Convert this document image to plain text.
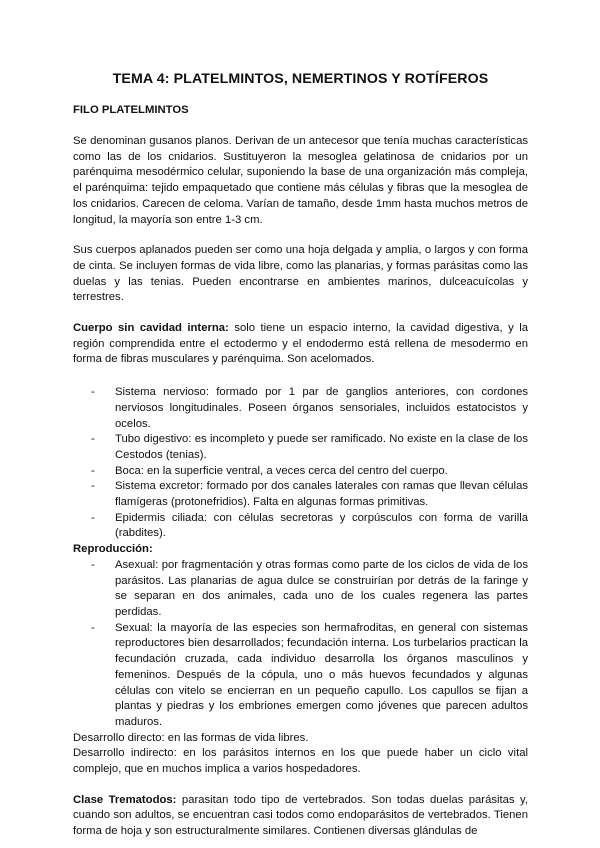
TEMA 4: PLATELMINTOS, NEMERTINOS Y ROTÍFEROS
FILO PLATELMINTOS

Se denominan gusanos planos. Derivan de un antecesor que tenía muchas características como las de los cnidarios. Sustituyeron la mesoglea gelatinosa de cnidarios por un parénquima mesodérmico celular, suponiendo la base de una organización más compleja, el parénquima: tejido empaquetado que contiene más células y fibras que la mesoglea de los cnidarios. Carecen de celoma. Varían de tamaño, desde 1mm hasta muchos metros de longitud, la mayoría son entre 1-3 cm.

Sus cuerpos aplanados pueden ser como una hoja delgada y amplia, o largos y con forma de cinta. Se incluyen formas de vida libre, como las planarias, y formas parásitas como las duelas y las tenias. Pueden encontrarse en ambientes marinos, dulceacuícolas y terrestres.

Cuerpo sin cavidad interna: solo tiene un espacio interno, la cavidad digestiva, y la región comprendida entre el ectodermo y el endodermo está rellena de mesodermo en forma de fibras musculares y parénquima. Son acelomados.

- Sistema nervioso: formado por 1 par de ganglios anteriores, con cordones nerviosos longitudinales. Poseen órganos sensoriales, incluidos estatocistos y ocelos.
- Tubo digestivo: es incompleto y puede ser ramificado. No existe en la clase de los Cestodos (tenias).
- Boca: en la superficie ventral, a veces cerca del centro del cuerpo.
- Sistema excretor: formado por dos canales laterales con ramas que llevan células flamígeras (protonefridios). Falta en algunas formas primitivas.
- Epidermis ciliada: con células secretoras y corpúsculos con forma de varilla (rabdites).

Reproducción:

- Asexual: por fragmentación y otras formas como parte de los ciclos de vida de los parásitos. Las planarias de agua dulce se construirían por detrás de la faringe y se separan en dos animales, cada uno de los cuales regenera las partes perdidas.
- Sexual: la mayoría de las especies son hermafroditas, en general con sistemas reproductores bien desarrollados; fecundación interna. Los turbelarios practican la fecundación cruzada, cada individuo desarrolla los órganos masculinos y femeninos. Después de la cópula, uno o más huevos fecundados y algunas células con vitelo se encierran en un pequeño capullo. Los capullos se fijan a plantas y piedras y los embriones emergen como jóvenes que parecen adultos maduros.

Desarrollo directo: en las formas de vida libres.

Desarrollo indirecto: en los parásitos internos en los que puede haber un ciclo vital complejo, que en muchos implica a varios hospedadores.

Clase Trematodos: parasitan todo tipo de vertebrados. Son todas duelas parásitas y, cuando son adultos, se encuentran casi todos como endoparásitos de vertebrados. Tienen forma de hoja y son estructuralmente similares. Contienen diversas glándulas de
